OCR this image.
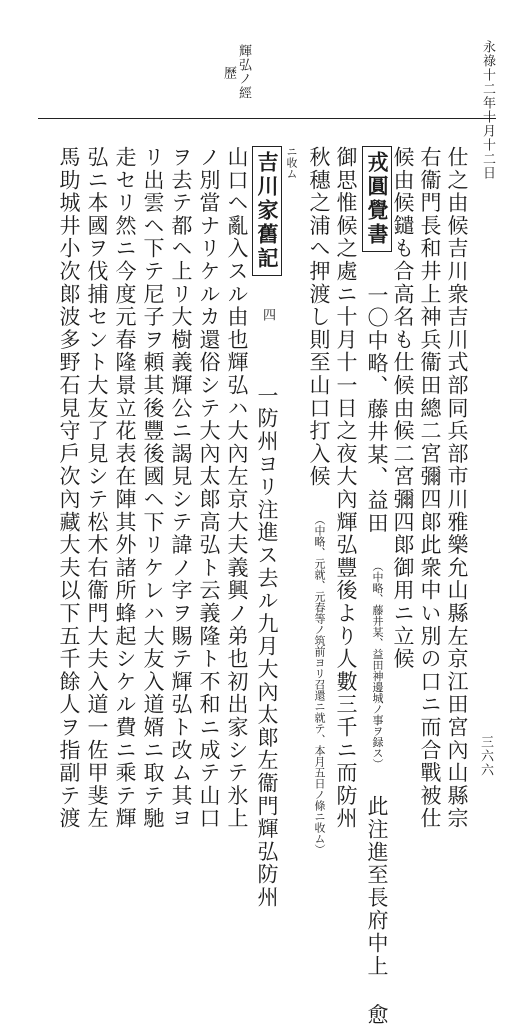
永祿十二年十月十二日
三六六
輝弘ノ經
歷
仕之由候吉川衆吉川式部同兵部市川雅樂允山縣左京江田宮內山縣宗
右衞門長和井上神兵衞田總二宮彌四郞此衆中い別の口ニ而合戰被仕
候由候鑓も合高名も仕候由候二宮彌四郞御用ニ立候
戎圓覺書 一〇中略、藤井某、益田 （中略、藤井某、益田神邊城ノ事ヲ録ス） 此注進至長府中上 愈
御思惟候之處ニ十月十一日之夜大內輝弘豐後より人數三千ニ而防州
秋穗之浦へ押渡し則至山口打入候 （中略、元就、元春等ノ筑前ヨリ召還ニ就テ、本月五日ノ條ニ收ム）
ニ收ム
吉川家舊記 四  一防州ヨリ注進ス去ル九月大內太郞左衞門輝弘防州
山口ヘ亂入スル由也輝弘ハ大內左京大夫義興ノ弟也初出家シテ氷上
ノ別當ナリケルカ還俗シテ大內太郞高弘ト云義隆ト不和ニ成テ山口
ヲ去テ都ヘ上リ大樹義輝公ニ謁見シテ諱ノ字ヲ賜テ輝弘ト改ム其ヨ
リ出雲ヘ下テ尼子ヲ頼其後豐後國ヘ下リケレハ大友入道婿ニ取テ馳
走セリ然ニ今度元春隆景立花表在陣其外諸所蜂起シケル費ニ乘テ輝
弘ニ本國ヲ伐捕セント大友了見シテ松木右衞門大夫入道一佐甲斐左
馬助城井小次郞波多野石見守戶次內藏大夫以下五千餘人ヲ指副テ渡
